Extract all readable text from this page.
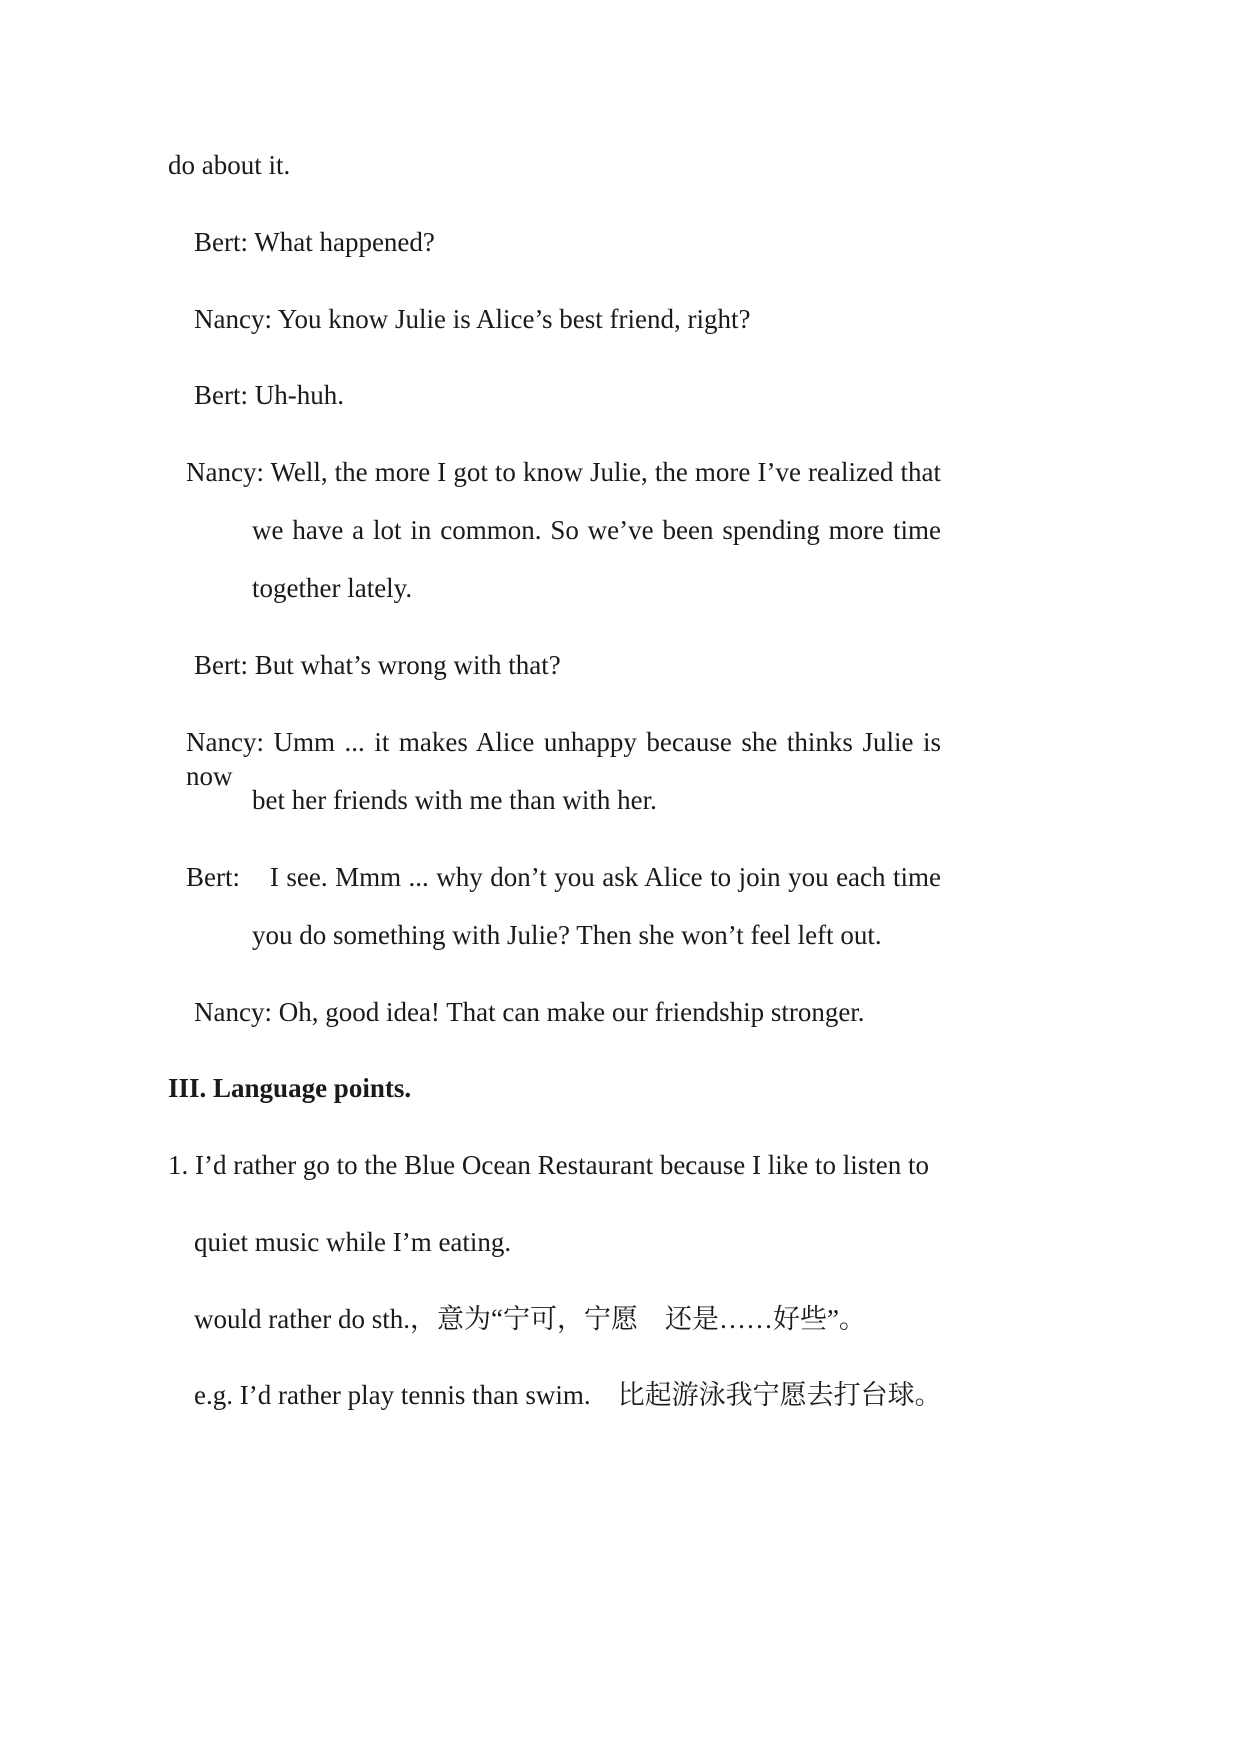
do about it.

Bert: What happened?

Nancy: You know Julie is Alice’s best friend, right?

Bert: Uh-huh.

Nancy: Well, the more I got to know Julie, the more I’ve realized that

we have a lot in common. So we’ve been spending more time

together lately.

Bert: But what’s wrong with that?

Nancy: Umm ... it makes Alice unhappy because she thinks Julie is now

bet her friends with me than with her.

Bert:    I see. Mmm ... why don’t you ask Alice to join you each time

you do something with Julie? Then she won’t feel left out.

Nancy: Oh, good idea! That can make our friendship stronger.

III. Language points.

1. I’d rather go to the Blue Ocean Restaurant because I like to listen to

quiet music while I’m eating.

would rather do sth.，意为“宁可，宁愿    还是……好些”。

e.g. I’d rather play tennis than swim.    比起游泳我宁愿去打台球。
